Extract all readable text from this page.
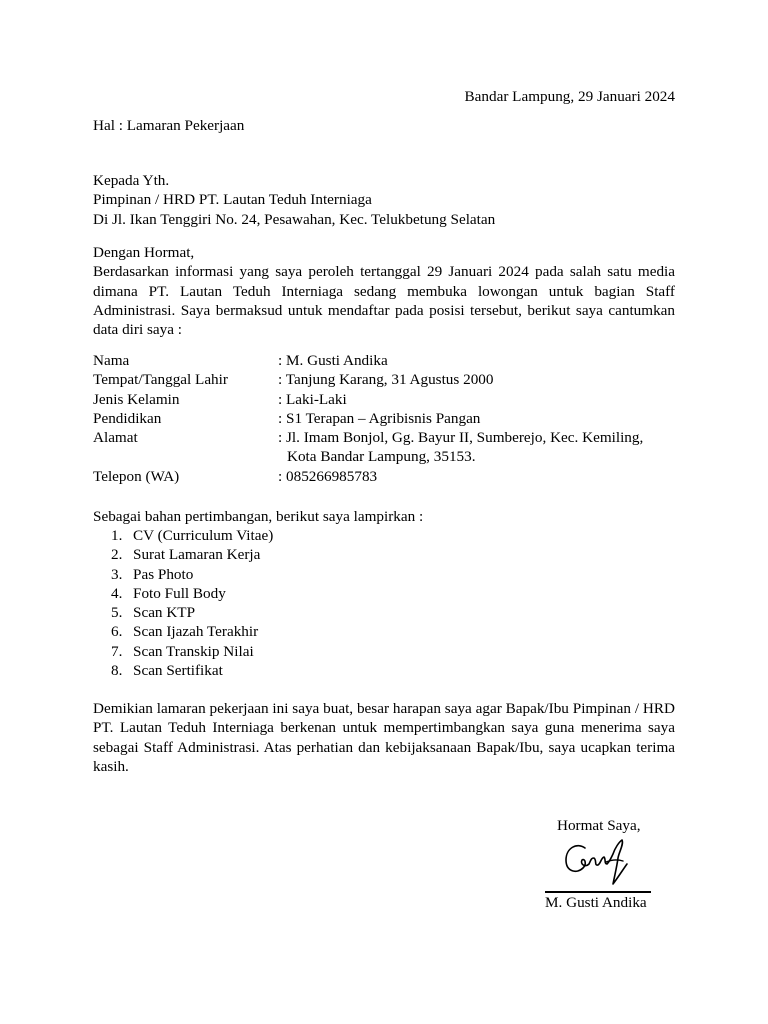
Bandar Lampung, 29 Januari 2024
Hal : Lamaran Pekerjaan
Kepada Yth.
Pimpinan / HRD PT. Lautan Teduh Interniaga
Di Jl. Ikan Tenggiri No. 24, Pesawahan, Kec. Telukbetung Selatan
Dengan Hormat,
Berdasarkan informasi yang saya peroleh tertanggal 29 Januari 2024 pada salah satu media dimana PT. Lautan Teduh Interniaga sedang membuka lowongan untuk bagian Staff Administrasi. Saya bermaksud untuk mendaftar pada posisi tersebut, berikut saya cantumkan data diri saya :
Nama	: M. Gusti Andika
Tempat/Tanggal Lahir	: Tanjung Karang, 31 Agustus 2000
Jenis Kelamin	: Laki-Laki
Pendidikan	: S1 Terapan – Agribisnis Pangan
Alamat	: Jl. Imam Bonjol, Gg. Bayur II, Sumberejo, Kec. Kemiling,
Kota Bandar Lampung, 35153.
Telepon (WA)	: 085266985783
Sebagai bahan pertimbangan, berikut saya lampirkan :
1. CV (Curriculum Vitae)
2. Surat Lamaran Kerja
3. Pas Photo
4. Foto Full Body
5. Scan KTP
6. Scan Ijazah Terakhir
7. Scan Transkip Nilai
8. Scan Sertifikat
Demikian lamaran pekerjaan ini saya buat, besar harapan saya agar Bapak/Ibu Pimpinan / HRD PT. Lautan Teduh Interniaga berkenan untuk mempertimbangkan saya guna menerima saya sebagai Staff Administrasi. Atas perhatian dan kebijaksanaan Bapak/Ibu, saya ucapkan terima kasih.
Hormat Saya,
M. Gusti Andika
